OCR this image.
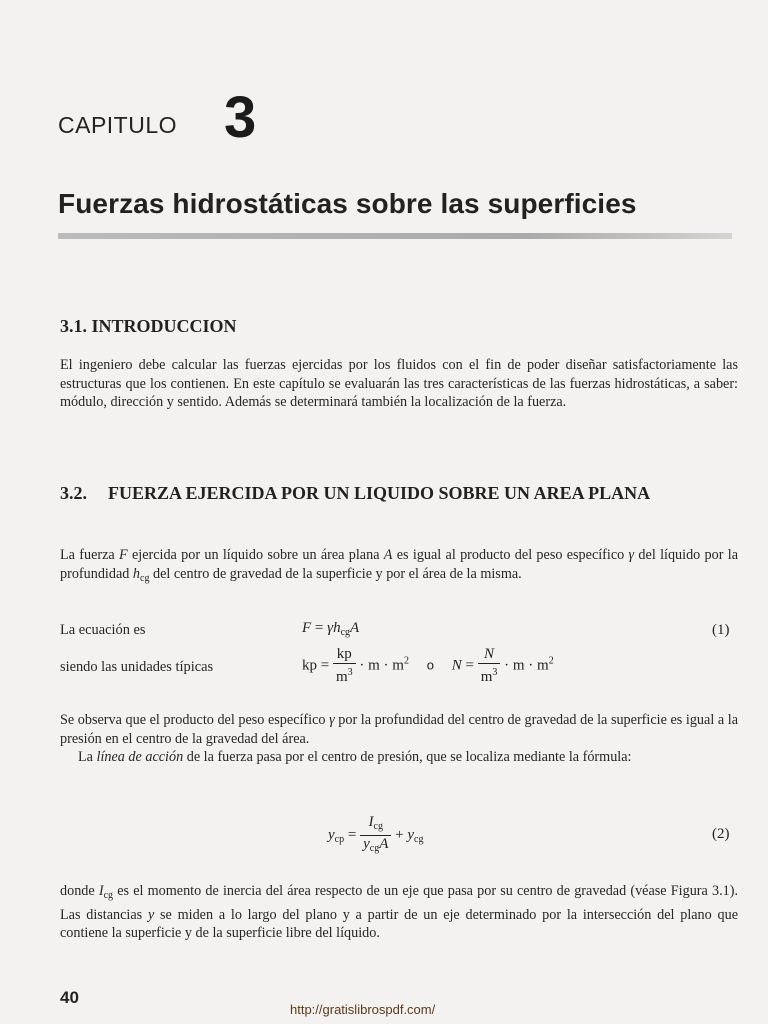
CAPITULO 3
Fuerzas hidrostáticas sobre las superficies
3.1. INTRODUCCION
El ingeniero debe calcular las fuerzas ejercidas por los fluidos con el fin de poder diseñar satisfactoriamente las estructuras que los contienen. En este capítulo se evaluarán las tres características de las fuerzas hidrostáticas, a saber: módulo, dirección y sentido. Además se determinará también la localización de la fuerza.
3.2. FUERZA EJERCIDA POR UN LIQUIDO SOBRE UN AREA PLANA
La fuerza F ejercida por un líquido sobre un área plana A es igual al producto del peso específico γ del líquido por la profundidad $h_{cg}$ del centro de gravedad de la superficie y por el área de la misma.
La ecuación es	$F = \gamma h_{cg}A$	(1)
siendo las unidades típicas	kp = $\frac{kp}{m^3} \cdot m \cdot m^2$ o $N = \frac{N}{m^3} \cdot m \cdot m^2$
Se observa que el producto del peso específico γ por la profundidad del centro de gravedad de la superficie es igual a la presión en el centro de la gravedad del área.
La línea de acción de la fuerza pasa por el centro de presión, que se localiza mediante la fórmula:
$y_{cp} = \frac{I_{cg}}{y_{cg}A} + y_{cg}$	(2)
donde $I_{cg}$ es el momento de inercia del área respecto de un eje que pasa por su centro de gravedad (véase Figura 3.1). Las distancias y se miden a lo largo del plano y a partir de un eje determinado por la intersección del plano que contiene la superficie y de la superficie libre del líquido.
40
http://gratislibrospdf.com/
